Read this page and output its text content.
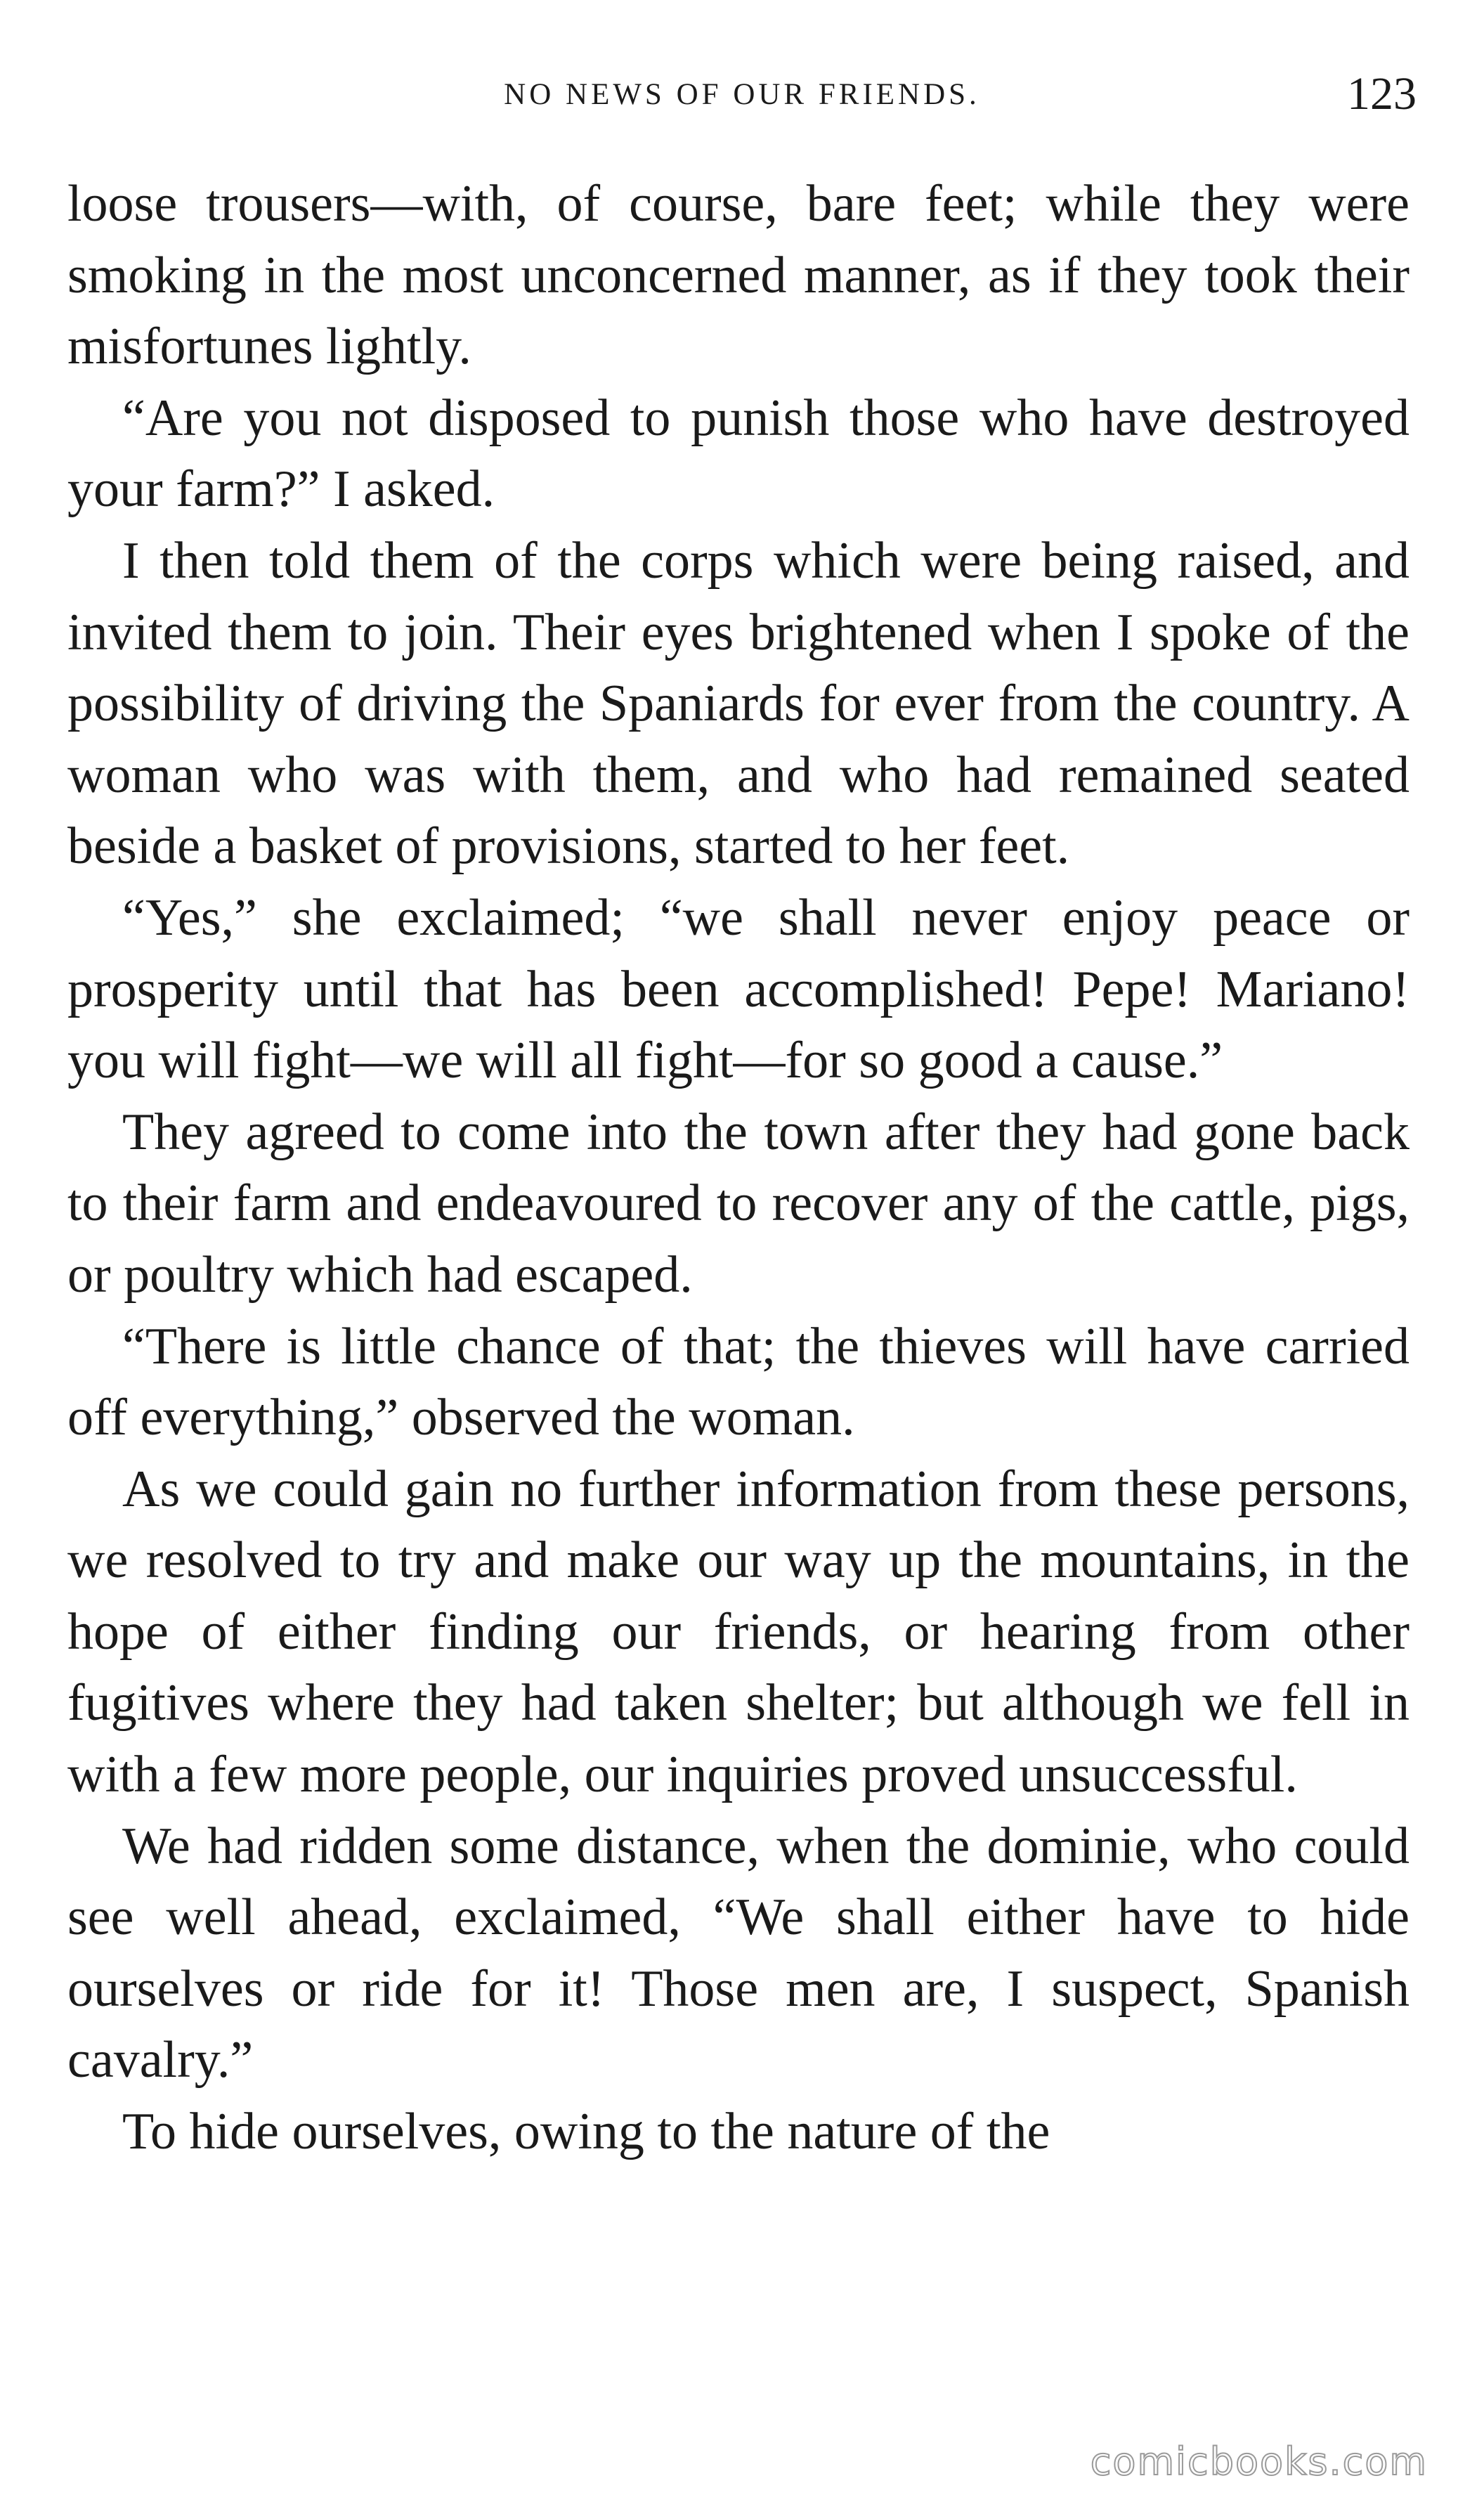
NO NEWS OF OUR FRIENDS.	123

loose trousers—with, of course, bare feet; while they were smoking in the most unconcerned manner, as if they took their misfortunes lightly.

“Are you not disposed to punish those who have destroyed your farm?” I asked.

I then told them of the corps which were being raised, and invited them to join. Their eyes brightened when I spoke of the possibility of driving the Spaniards for ever from the country. A woman who was with them, and who had remained seated beside a basket of provisions, started to her feet.

“Yes,” she exclaimed; “we shall never enjoy peace or prosperity until that has been accomplished! Pepe! Mariano! you will fight—we will all fight—for so good a cause.”

They agreed to come into the town after they had gone back to their farm and endeavoured to recover any of the cattle, pigs, or poultry which had escaped.

“There is little chance of that; the thieves will have carried off everything,” observed the woman.

As we could gain no further information from these persons, we resolved to try and make our way up the mountains, in the hope of either finding our friends, or hearing from other fugitives where they had taken shelter; but although we fell in with a few more people, our inquiries proved unsuccessful.

We had ridden some distance, when the dominie, who could see well ahead, exclaimed, “We shall either have to hide ourselves or ride for it! Those men are, I suspect, Spanish cavalry.”

To hide ourselves, owing to the nature of the

comicbooks.com
